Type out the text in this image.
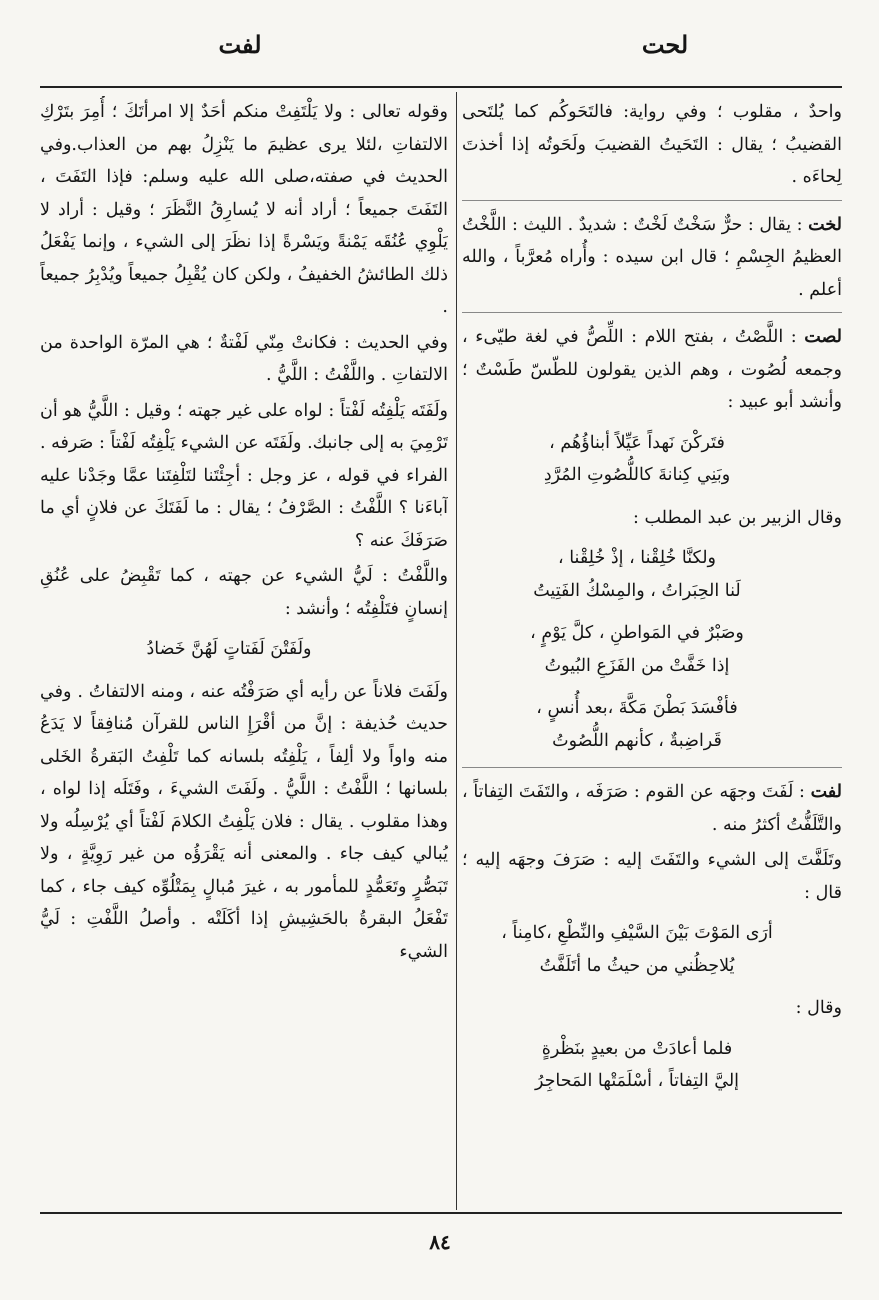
لحت
لفت

واحدٌ ، مقلوب ؛ وفي رواية: فالتَحَوكُم كما يُلتَحى القضيبُ ؛ يقال : التَحَيتُ القضيبَ ولَحَوتُه إذا أخذتَ لِحاءَه .

لخت : يقال : حرٌّ سَخْتٌ لَخْتٌ : شديدٌ . الليث : اللَّخْتُ العظيمُ الجِسْمِ ؛ قال ابن سيده : وأُراه مُعرَّباً ، والله أعلم .

لصت : اللَّصْتُ ، بفتح اللام : اللِّصُّ في لغة طيّىء ، وجمعه لُصُوت ، وهم الذين يقولون للطّسّ طَسْتٌ ؛ وأنشد أبو عبيد :

فتَركْنَ نَهداً عَيِّلاً أبناؤُهُم ،
وبَنِي كِنانةَ كاللُّصُوتِ المُرَّدِ

وقال الزبير بن عبد المطلب :

ولكنَّا خُلِقْنا ، إذْ خُلِقْنا ،
لَنا الحِبَراتُ ، والمِسْكُ الفَتِيتُ
وصَبْرٌ في المَواطنِ ، كلَّ يَوْمٍ ،
إذا خَفَّتْ من الفَزَعِ البُيوتُ
فأفْسَدَ بَطْنَ مَكَّةَ ،بعد أُنسٍ ،
قَراضِبةٌ ، كأنهم اللُّصُوتُ

لفت : لَفَتَ وجهَه عن القوم : صَرَفَه ، والتَفَتَ التِفاتاً ، والتَّلَفُّتُ أكثرُ منه .

وتَلَفَّتَ إلى الشيء والتَفَتَ إليه : صَرَفَ وجهَه إليه ؛ قال :

أرَى المَوْتَ بَيْنَ السَّيْفِ والنِّطْعِ ،كامِناً ،
يُلاحِظُني من حيثُ ما أتَلَفَّتُ

وقال :

فلما أعادَتْ من بعيدٍ بنَظْرةٍ
إليَّ التِفاتاً ، أسْلَمَتْها المَحاجِرُ

وقوله تعالى : ولا يَلْتَفِتْ منكم أحَدٌ إلا امرأتَكَ ؛ أُمِرَ بتَرْكِ الالتفاتِ ،لئلا يرى عظيمَ ما يَنْزِلُ بهم من العذاب.وفي الحديث في صفته،صلى الله عليه وسلم: فإذا التَفَتَ ، التَفَتَ جميعاً ؛ أراد أنه لا يُسارِقُ النَّظَرَ ؛ وقيل : أراد لا يَلْوِي عُنُقَه يَمْنةً ويَسْرةً إذا نظَرَ إلى الشيء ، وإنما يَفْعَلُ ذلك الطائشُ الخفيفُ ، ولكن كان يُقْبِلُ جميعاً ويُدْبِرُ جميعاً .

وفي الحديث : فكانتْ مِنّي لَفْتةٌ ؛ هي المرّة الواحدة من الالتفاتِ . واللَّفْتُ : اللَّيُّ .

ولَفَتَه يَلْفِتُه لَفْتاً : لواه على غير جهته ؛ وقيل : اللَّيُّ هو أن تَرْمِيَ به إلى جانبك. ولَفَتَه عن الشيء يَلْفِتُه لَفْتاً : صَرفه . الفراء في قوله ، عز وجل : أجِئْتَنا لتَلْفِتَنا عمَّا وجَدْنا عليه آباءَنا ؟ اللَّفْتُ : الصَّرْفُ ؛ يقال : ما لَفَتَكَ عن فلانٍ أي ما صَرَفَكَ عنه ؟

واللَّفْتُ : لَيُّ الشيء عن جهته ، كما تَقْبِضُ على عُنُقِ إنسانٍ فتَلْفِتُه ؛ وأنشد :

ولَفَتْنَ لَفَتاتٍ لَهُنَّ خَضادُ

ولَفَتَ فلاناً عن رأيه أي صَرَفْتُه عنه ، ومنه الالتفاتُ . وفي حديث حُذيفة : إنَّ من أقْرَإِ الناس للقرآن مُنافِقاً لا يَدَعُ منه واواً ولا ألِفاً ، يَلْفِتُه بلسانه كما تَلْفِتُ البَقرةُ الخَلى بلسانها ؛ اللَّفْتُ : اللَّيُّ . ولَفَتَ الشيءَ ، وفَتَلَه إذا لواه ، وهذا مقلوب . يقال : فلان يَلْفِتُ الكلامَ لَفْتاً أي يُرْسِلُه ولا يُبالي كيف جاء . والمعنى أنه يَقْرَؤُه من غير رَوِيَّةٍ ، ولا تَبَصُّرٍ وتَعَمُّدٍ للمأمور به ، غيرَ مُبالٍ بِمَتْلُوِّه كيف جاء ، كما تَفْعَلُ البقرةُ بالحَشِيشِ إذا أكَلَتْه . وأصلُ اللَّفْتِ : لَيُّ الشيء

٨٤
